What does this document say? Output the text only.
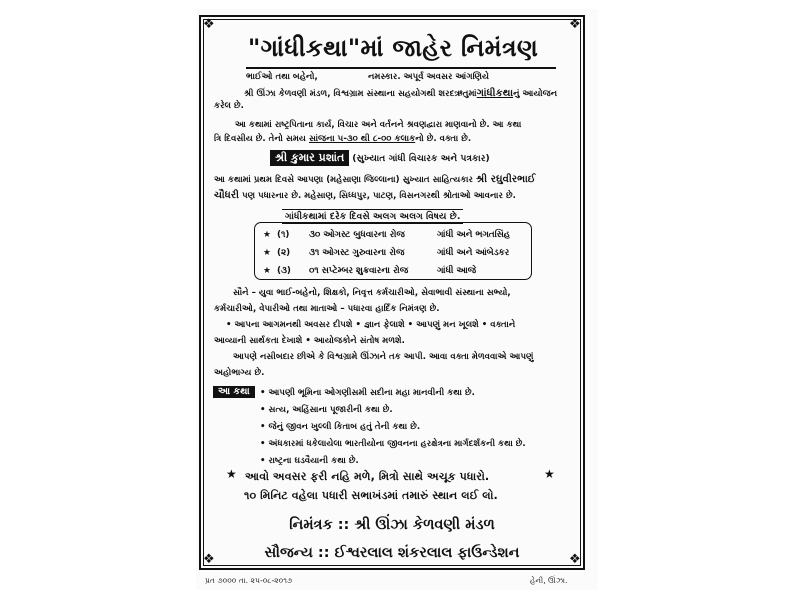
❖	❖
❖	❖
"ગાંધીકથા"માં જાહેર નિમંત્રણ
ભાઈઓ તથા બહેનો,	નમસ્કાર. અપૂર્વ અવસર આંગણિયે
શ્રી ઊંઝા કેળવણી મંડળ, વિશ્વગ્રામ સંસ્થાના સહયોગથી શરદઋતુમાંગાંધીકથાનું આયોજન
કરેલ છે.
આ કથામાં રાષ્ટ્રપિતાના કાર્ય, વિચાર અને વર્તનને શ્રવણદ્વારા માણવાનો છે. આ કથા
ત્રિ દિવસીય છે. તેનો સમય સાંજના ૫-૩૦ થી ૮-૦૦ કલાકનો છે. વક્તા છે.
શ્રી કુમાર પ્રશાંત (સુખ્યાત ગાંધી વિચારક અને પત્રકાર)
આ કથામાં પ્રથમ દિવસે આપણા (મહેસાણા જિલ્લાના) સુખ્યાત સાહિત્યકાર શ્રી રઘુવીરભાઈ
ચૌધરી પણ પધારનાર છે. મહેસાણ, સિધ્ધપુર, પાટણ, વિસનગરથી શ્રોતાઓ આવનાર છે.
ગાંધીકથામાં દરેક દિવસે અલગ અલગ વિષય છે.
★ (૧) ૩૦ ઓગસ્ટ બુધવારના રોજ	ગાંધી અને ભગતસિંહ
★ (૨) ૩૧ ઓગસ્ટ ગુરુવારના રોજ	ગાંધી અને આંબેડકર
★ (૩) ૦૧ સપ્ટેમ્બર શુક્રવારના રોજ	ગાંધી આજે
સૌને – યુવા ભાઈ-બહેનો, શિક્ષકો, નિવૃત્ત કર્મચારીઓ, સેવાભાવી સંસ્થાના સભ્યો,
કર્મચારીઓ, વેપારીઓ તથા માતાઓ – પધારવા હાર્દિક નિમંત્રણ છે.
• આપના આગમનથી અવસર દીપશે • જ્ઞાન ફેલાશે • આપણું મન ખૂલશે • વક્તાને
આવ્યાની સાર્થકતા દેખાશે • આયોજકોને સંતોષ મળશે.
આપણે નસીબદાર છીએ કે વિશ્વગ્રામે ઊંઝાને તક આપી. આવા વક્તા મેળવવાએ આપણું
અહોભાગ્ય છે.
આ કથા	• આપણી ભૂમિના ઓગણીસમી સદીના મહા માનવીની કથા છે.
• સત્ય, અહિંસાના પૂજારીની કથા છે.
• જેનું જીવન ખુલ્લી કિતાબ હતું તેની કથા છે.
• અંધકારમાં ધકેલાયેલા ભારતીયોના જીવનના હરક્ષેત્રના માર્ગદર્શકની કથા છે.
• રાષ્ટ્રના ઘડવૈયાની કથા છે.
★	★
આવો અવસર ફરી નહિ મળે, મિત્રો સાથે અચૂક પધારો.
૧૦ મિનિટ વહેલા પધારી સભાખંડમાં તમારું સ્થાન લઈ લો.
નિમંત્રક :: શ્રી ઊંઝા કેળવણી મંડળ
સૌજન્ય :: ઈશ્વરલાલ શંકરલાલ ફાઉન્ડેશન
પ્રત ૭૦૦૦ તા. ૨૫-૦૮-૨૦૧૭	હેની, ઊંઝા.
